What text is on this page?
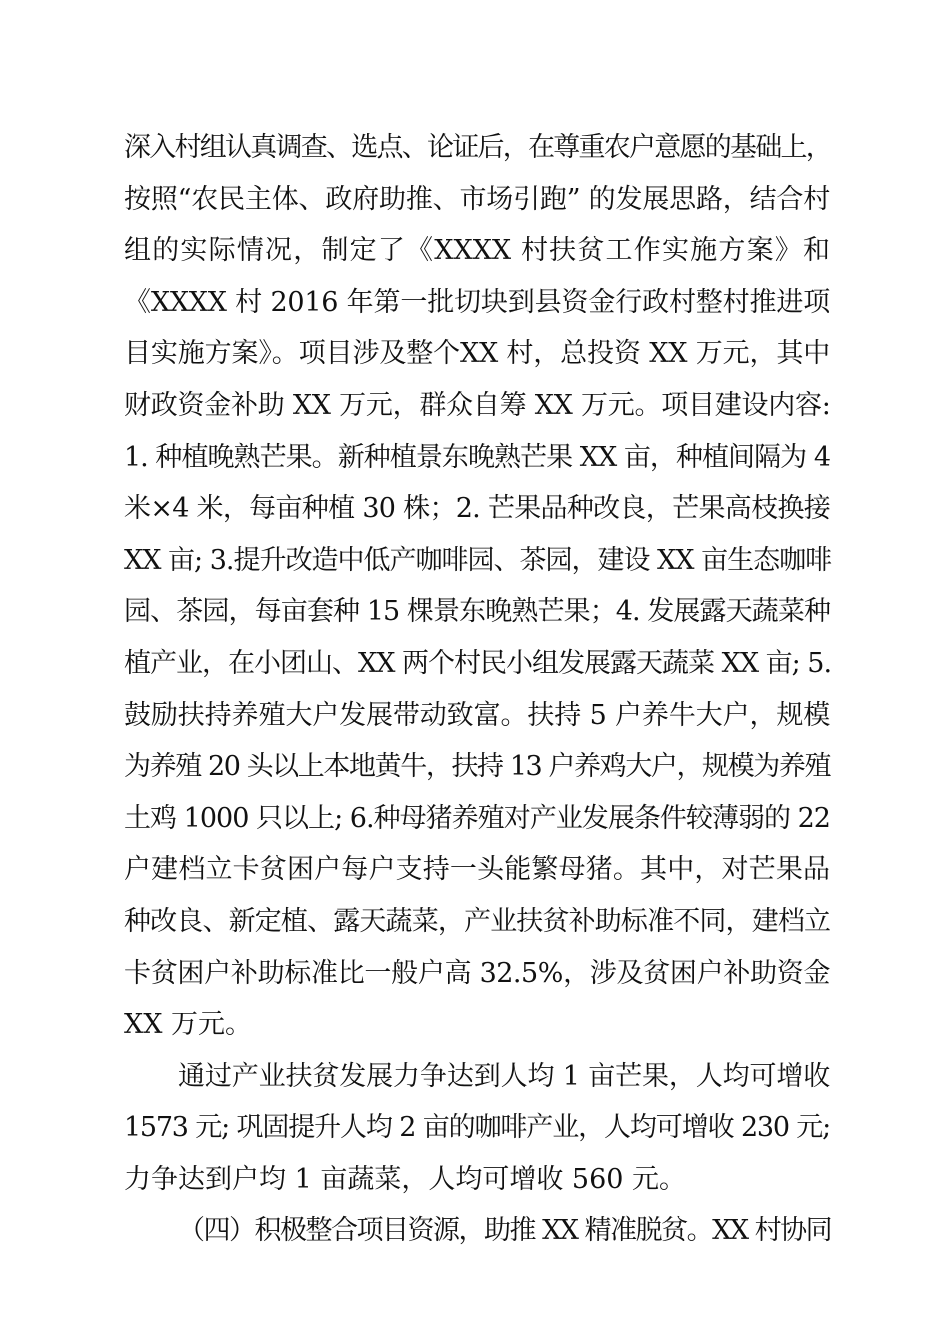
深入村组认真调查、选点、论证后，在尊重农户意愿的基础上，
按照“农民主体、政府助推、市场引跑” 的发展思路，结合村
组的实际情况，制定了《XXXX 村扶贫工作实施方案》和
《XXXX 村 2016 年第一批切块到县资金行政村整村推进项
目实施方案》。项目涉及整个XX 村，总投资 XX 万元，其中
财政资金补助 XX 万元，群众自筹 XX 万元。项目建设内容:
1. 种植晚熟芒果。新种植景东晚熟芒果 XX 亩，种植间隔为 4
米×4 米，每亩种植 30 株；2. 芒果品种改良，芒果高枝换接
XX 亩; 3.提升改造中低产咖啡园、茶园，建设 XX 亩生态咖啡
园、茶园，每亩套种 15 棵景东晚熟芒果；4. 发展露天蔬菜种
植产业，在小团山、XX 两个村民小组发展露天蔬菜 XX 亩; 5.
鼓励扶持养殖大户发展带动致富。扶持 5 户养牛大户，规模
为养殖 20 头以上本地黄牛，扶持 13 户养鸡大户，规模为养殖
土鸡 1000 只以上; 6.种母猪养殖对产业发展条件较薄弱的 22
户建档立卡贫困户每户支持一头能繁母猪。其中，对芒果品
种改良、新定植、露天蔬菜，产业扶贫补助标准不同，建档立
卡贫困户补助标准比一般户高 32.5%，涉及贫困户补助资金
XX 万元。
通过产业扶贫发展力争达到人均 1 亩芒果，人均可增收
1573 元; 巩固提升人均 2 亩的咖啡产业，人均可增收 230 元;
力争达到户均 1 亩蔬菜，人均可增收 560 元。
（四）积极整合项目资源，助推 XX 精准脱贫。XX 村协同
